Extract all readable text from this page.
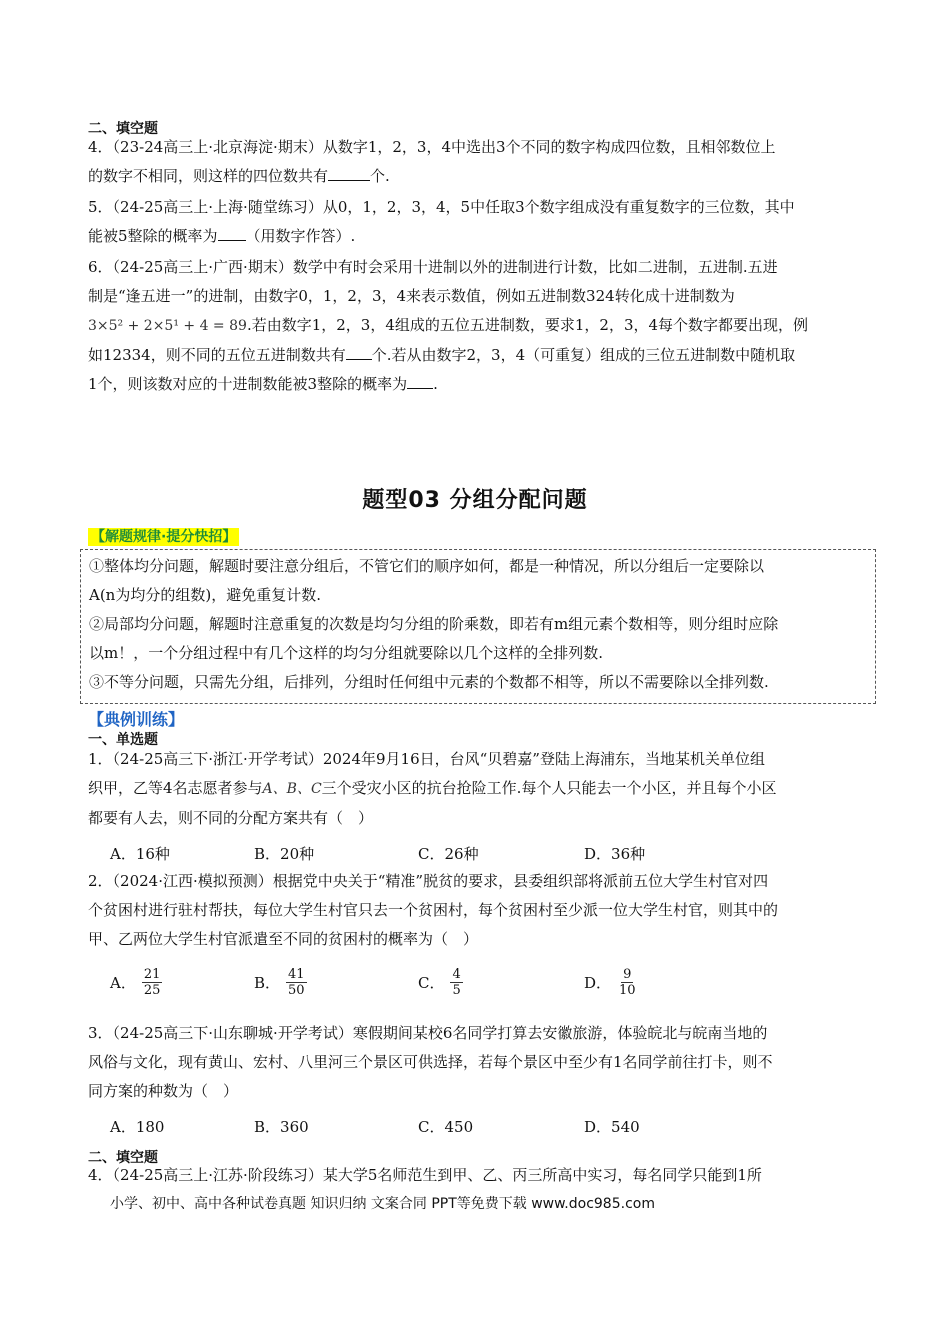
二、填空题

4．（23-24高三上·北京海淀·期末）从数字1，2，3，4中选出3个不同的数字构成四位数，且相邻数位上

的数字不相同，则这样的四位数共有	个.

5．（24-25高三上·上海·随堂练习）从0，1，2，3，4，5中任取3个数字组成没有重复数字的三位数，其中

能被5整除的概率为 （用数字作答）.

6．（24-25高三上·广西·期末）数学中有时会采用十进制以外的进制进行计数，比如二进制，五进制.五进

制是“逢五进一”的进制，由数字0，1，2，3，4来表示数值，例如五进制数324转化成十进制数为

3×5² + 2×5¹ + 4 = 89.若由数字1，2，3，4组成的五位五进制数，要求1，2，3，4每个数字都要出现，例

如12334，则不同的五位五进制数共有 个.若从由数字2，3，4（可重复）组成的三位五进制数中随机取

1个，则该数对应的十进制数能被3整除的概率为 .

题型03 分组分配问题
【解题规律·提分快招】

①整体均分问题，解题时要注意分组后，不管它们的顺序如何，都是一种情况，所以分组后一定要除以

A(n为均分的组数)，避免重复计数.

②局部均分问题，解题时注意重复的次数是均匀分组的阶乘数，即若有m组元素个数相等，则分组时应除

以m！，一个分组过程中有几个这样的均匀分组就要除以几个这样的全排列数.

③不等分问题，只需先分组，后排列，分组时任何组中元素的个数都不相等，所以不需要除以全排列数.

【典例训练】
一、单选题

1．（24-25高三下·浙江·开学考试）2024年9月16日，台风“贝碧嘉”登陆上海浦东，当地某机关单位组

织甲，乙等4名志愿者参与A、B、C三个受灾小区的抗台抢险工作.每个人只能去一个小区，并且每个小区

都要有人去，则不同的分配方案共有（　）

A．16种	B．20种	C．26种	D．36种

2．（2024·江西·模拟预测）根据党中央关于“精准”脱贫的要求，县委组织部将派前五位大学生村官对四

个贫困村进行驻村帮扶，每位大学生村官只去一个贫困村，每个贫困村至少派一位大学生村官，则其中的

甲、乙两位大学生村官派遣至不同的贫困村的概率为（　）

A． $\frac{21}{25}$	B． $\frac{41}{50}$	C． $\frac{4}{5}$	D． $\frac{9}{10}$

3．（24-25高三下·山东聊城·开学考试）寒假期间某校6名同学打算去安徽旅游，体验皖北与皖南当地的

风俗与文化，现有黄山、宏村、八里河三个景区可供选择，若每个景区中至少有1名同学前往打卡，则不

同方案的种数为（　）

A．180	B．360	C．450	D．540
二、填空题

4．（24-25高三上·江苏·阶段练习）某大学5名师范生到甲、乙、丙三所高中实习，每名同学只能到1所

小学、初中、高中各种试卷真题 知识归纳 文案合同 PPT等免费下载 www.doc985.com
